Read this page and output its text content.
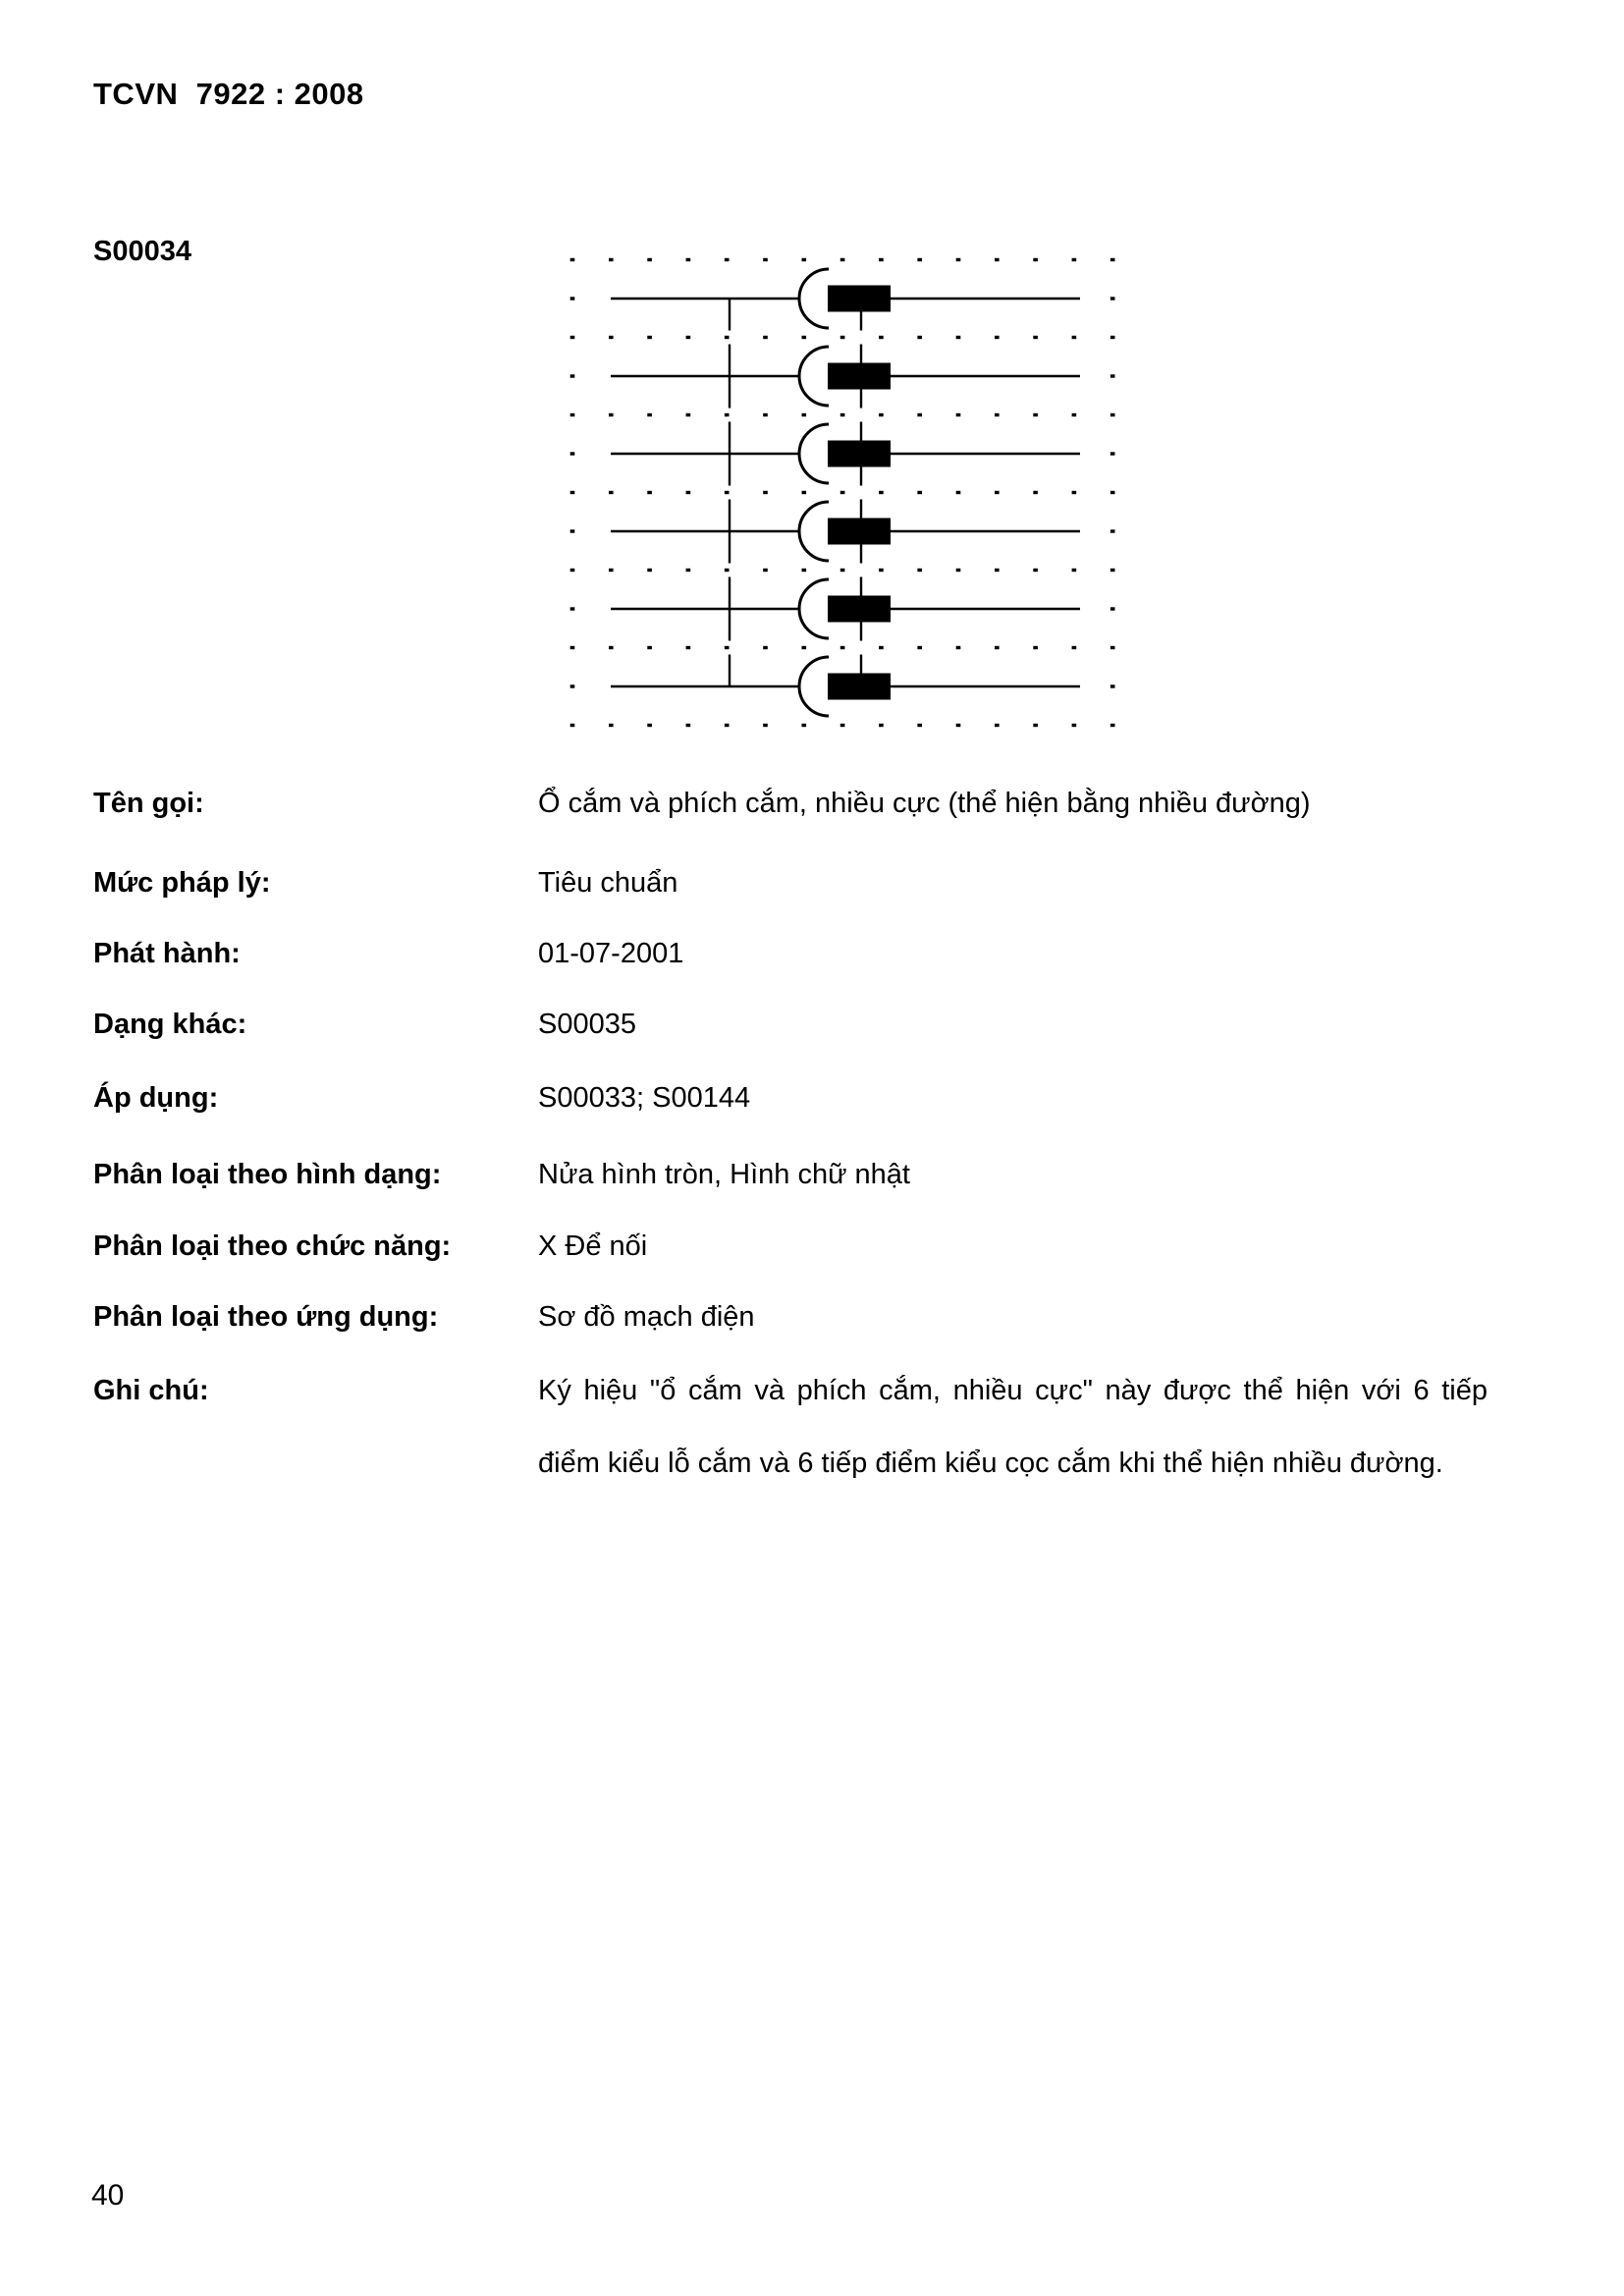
TCVN  7922 : 2008
S00034
Tên gọi:	Ổ cắm và phích cắm, nhiều cực (thể hiện bằng nhiều đường)
Mức pháp lý:	Tiêu chuẩn
Phát hành:	01-07-2001
Dạng khác:	S00035
Áp dụng:	S00033; S00144
Phân loại theo hình dạng:	Nửa hình tròn, Hình chữ nhật
Phân loại theo chức năng:	X Để nối
Phân loại theo ứng dụng:	Sơ đồ mạch điện
Ghi chú:	Ký hiệu "ổ cắm và phích cắm, nhiều cực" này được thể hiện với 6 tiếp điểm kiểu lỗ cắm và 6 tiếp điểm kiểu cọc cắm khi thể hiện nhiều đường.
40
